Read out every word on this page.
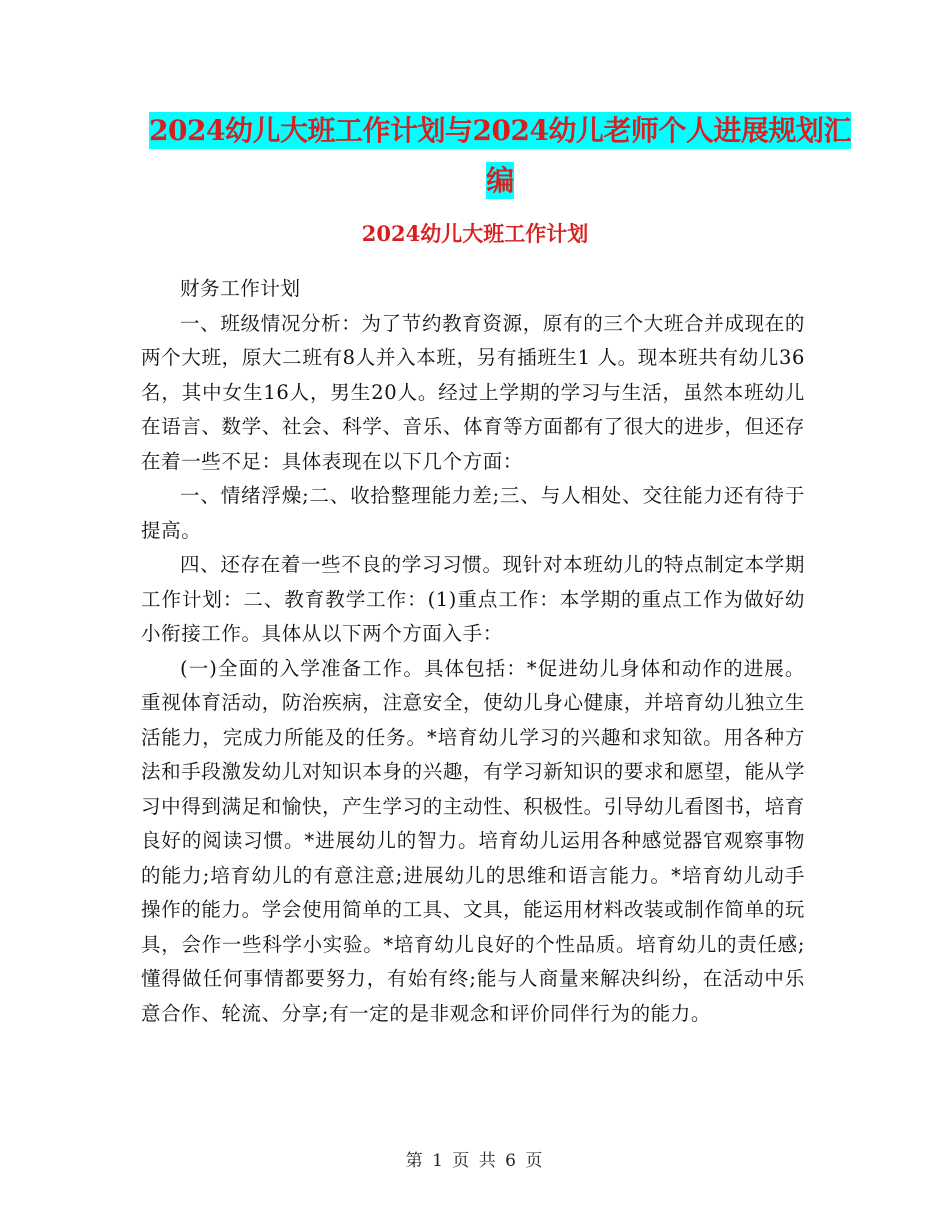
2024幼儿大班工作计划与2024幼儿老师个人进展规划汇编
2024幼儿大班工作计划

财务工作计划

一、班级情况分析：为了节约教育资源，原有的三个大班合并成现在的两个大班，原大二班有8人并入本班，另有插班生1 人。现本班共有幼儿36名，其中女生16人，男生20人。经过上学期的学习与生活，虽然本班幼儿在语言、数学、社会、科学、音乐、体育等方面都有了很大的进步，但还存在着一些不足：具体表现在以下几个方面：

一、情绪浮燥;二、收拾整理能力差;三、与人相处、交往能力还有待于提高。

四、还存在着一些不良的学习习惯。现针对本班幼儿的特点制定本学期工作计划：二、教育教学工作：(1)重点工作：本学期的重点工作为做好幼小衔接工作。具体从以下两个方面入手：

(一)全面的入学准备工作。具体包括：*促进幼儿身体和动作的进展。重视体育活动，防治疾病，注意安全，使幼儿身心健康，并培育幼儿独立生活能力，完成力所能及的任务。*培育幼儿学习的兴趣和求知欲。用各种方法和手段激发幼儿对知识本身的兴趣，有学习新知识的要求和愿望，能从学习中得到满足和愉快，产生学习的主动性、积极性。引导幼儿看图书，培育良好的阅读习惯。*进展幼儿的智力。培育幼儿运用各种感觉器官观察事物的能力;培育幼儿的有意注意;进展幼儿的思维和语言能力。*培育幼儿动手操作的能力。学会使用简单的工具、文具，能运用材料改装或制作简单的玩具，会作一些科学小实验。*培育幼儿良好的个性品质。培育幼儿的责任感;懂得做任何事情都要努力，有始有终;能与人商量来解决纠纷，在活动中乐意合作、轮流、分享;有一定的是非观念和评价同伴行为的能力。

第 1 页 共 6 页
